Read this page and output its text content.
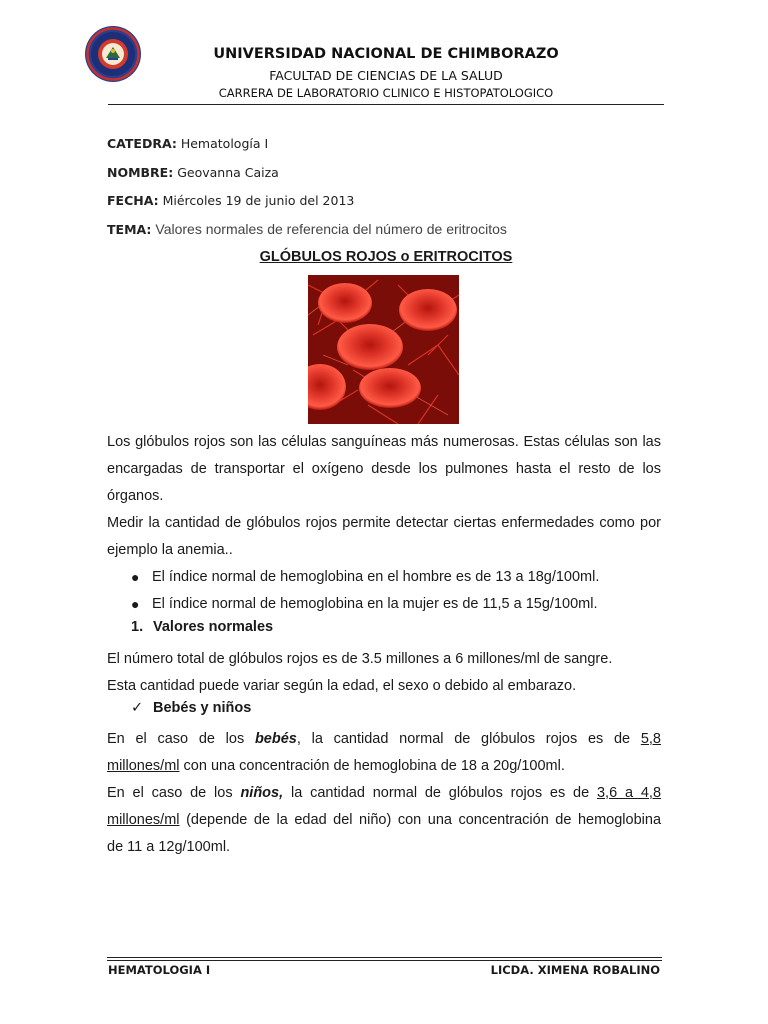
UNIVERSIDAD NACIONAL DE CHIMBORAZO
FACULTAD DE CIENCIAS DE LA SALUD
CARRERA DE LABORATORIO CLINICO E HISTOPATOLOGICO
CATEDRA: Hematología I
NOMBRE: Geovanna Caiza
FECHA: Miércoles 19 de junio del 2013
TEMA: Valores normales de referencia del número de eritrocitos
GLÓBULOS ROJOS o ERITROCITOS
Los glóbulos rojos son las células sanguíneas más numerosas. Estas células son las encargadas de transportar el oxígeno desde los pulmones hasta el resto de los órganos.
Medir la cantidad de glóbulos rojos permite detectar ciertas enfermedades como por ejemplo la anemia..
● El índice normal de hemoglobina en el hombre es de 13 a 18g/100ml.
● El índice normal de hemoglobina en la mujer es de 11,5 a 15g/100ml.
1. Valores normales
El número total de glóbulos rojos es de 3.5 millones a 6 millones/ml de sangre.
Esta cantidad puede variar según la edad, el sexo o debido al embarazo.
✓ Bebés y niños
En el caso de los bebés, la cantidad normal de glóbulos rojos es de 5,8
millones/ml con una concentración de hemoglobina de 18 a 20g/100ml.
En el caso de los niños, la cantidad normal de glóbulos rojos es de 3,6 a 4,8
millones/ml (depende de la edad del niño) con una concentración de hemoglobina
de 11 a 12g/100ml.
HEMATOLOGIA I	LICDA. XIMENA ROBALINO
